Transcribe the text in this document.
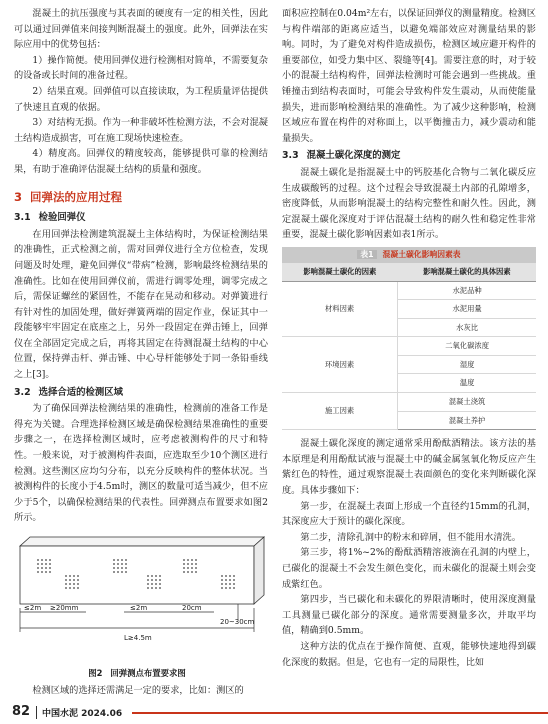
混凝土的抗压强度与其表面的硬度有一定的相关性，因此可以通过回弹值来间接判断混凝土的强度。此外，回弹法在实际应用中的优势包括：

1）操作简便。使用回弹仪进行检测相对简单，不需要复杂的设备或长时间的准备过程。

2）结果直观。回弹值可以直接读取，为工程质量评估提供了快速且直观的依据。

3）对结构无损。作为一种非破坏性检测方法，不会对混凝土结构造成损害，可在施工现场快速检查。

4）精度高。回弹仪的精度较高，能够提供可靠的检测结果，有助于准确评估混凝土结构的质量和强度。

3 回弹法的应用过程
3.1 检验回弹仪

在用回弹法检测建筑混凝土主体结构时，为保证检测结果的准确性，正式检测之前，需对回弹仪进行全方位检查，发现问题及时处理，避免回弹仪“带病”检测，影响最终检测结果的准确性。比如在使用回弹仪前，需进行调零处理，调零完成之后，需保证螺丝的紧固性，不能存在晃动和移动。对弹簧进行有针对性的加固处理，做好弹簧两端的固定作业，保证其中一段能够牢牢固定在底座之上，另外一段固定在弹击锤上，回弹仪在全部固定完成之后，再将其固定在待测混凝土结构的中心位置，保持弹击杆、弹击锤、中心导杆能够处于同一条铅垂线之上[3]。

3.2 选择合适的检测区域

为了确保回弹法检测结果的准确性，检测前的准备工作是得充为关键。合理选择检测区域是确保检测结果准确性的重要步骤之一，在选择检测区域时，应考虑被测构件的尺寸和特性。一般来说，对于被测构件表面，应选取至少10个测区进行检测。这些测区应均匀分布，以充分反映构件的整体状况。当被测构件的长度小于4.5m时，测区的数量可适当减少，但不应少于5个，以确保检测结果的代表性。回弹测点布置要求如图2所示。

≤2m ≥20mm	≤2m	20cm
20~30cm
L≥4.5m
图2 回弹测点布置要求图

检测区域的选择还需满足一定的要求，比如：测区的

面积应控制在0.04m²左右，以保证回弹仪的测量精度。检测区与构件端部的距离应适当，以避免端部效应对测量结果的影响。同时，为了避免对构件造成损伤，检测区域应避开构件的重要部位，如受力集中区、裂缝等[4]。需要注意的时，对于较小的混凝土结构构件，回弹法检测时可能会遇到一些挑战。重锤撞击到结构表面时，可能会导致构件发生震动，从而使能量损失，进而影响检测结果的准确性。为了减少这种影响，检测区域应布置在构件的对称面上，以平衡撞击力，减少震动和能量损失。

3.3 混凝土碳化深度的测定

混凝土碳化是指混凝土中的钙胶基化合物与二氧化碳反应生成碳酸钙的过程。这个过程会导致混凝土内部的孔隙增多，密度降低，从而影响混凝土的结构完整性和耐久性。因此，测定混凝土碳化深度对于评估混凝土结构的耐久性和稳定性非常重要，混凝土碳化影响因素如表1所示。

表1 混凝土碳化影响因素表
影响混凝土碳化的因素	影响混凝土碳化的具体因素
材料因素	水泥品种
	水泥用量
	水灰比
环境因素	二氧化碳浓度
	湿度
	温度
施工因素	混凝土浇筑
	混凝土养护

混凝土碳化深度的测定通常采用酚酞酒精法。该方法的基本原理是利用酚酞试液与混凝土中的碱金属氢氧化物反应产生紫红色的特性，通过观察混凝土表面颜色的变化来判断碳化深度。具体步骤如下：

第一步，在混凝土表面上形成一个直径约15mm的孔洞，其深度应大于预计的碳化深度。

第二步，清除孔洞中的粉末和碎屑，但不能用水清洗。

第三步，将1%~2%的酚酞酒精溶液滴在孔洞的内壁上，已碳化的混凝土不会发生颜色变化，而未碳化的混凝土则会变成紫红色。

第四步，当已碳化和未碳化的界限清晰时，使用深度测量工具测量已碳化部分的深度。通常需要测量多次，并取平均值，精确到0.5mm。

这种方法的优点在于操作简便、直观，能够快速地得到碳化深度的数据。但是，它也有一定的局限性，比如

82 中国水泥 2024.06
